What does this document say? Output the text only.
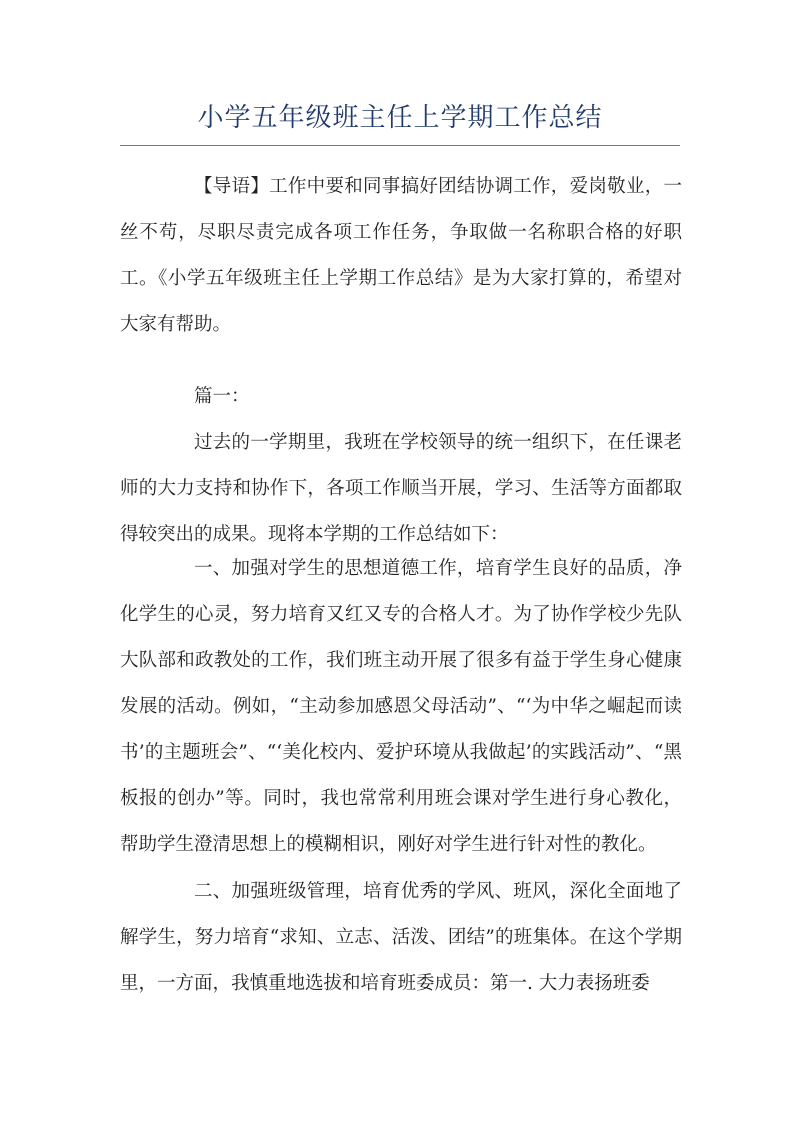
小学五年级班主任上学期工作总结

【导语】工作中要和同事搞好团结协调工作，爱岗敬业，一丝不苟，尽职尽责完成各项工作任务，争取做一名称职合格的好职工。《小学五年级班主任上学期工作总结》是为大家打算的，希望对大家有帮助。

篇一：

过去的一学期里，我班在学校领导的统一组织下，在任课老师的大力支持和协作下，各项工作顺当开展，学习、生活等方面都取得较突出的成果。现将本学期的工作总结如下：

一、加强对学生的思想道德工作，培育学生良好的品质，净化学生的心灵，努力培育又红又专的合格人才。为了协作学校少先队大队部和政教处的工作，我们班主动开展了很多有益于学生身心健康发展的活动。例如，“主动参加感恩父母活动”、“‘为中华之崛起而读书’的主题班会”、“‘美化校内、爱护环境从我做起’的实践活动”、“黑板报的创办”等。同时，我也常常利用班会课对学生进行身心教化，帮助学生澄清思想上的模糊相识，刚好对学生进行针对性的教化。

二、加强班级管理，培育优秀的学风、班风，深化全面地了解学生，努力培育“求知、立志、活泼、团结”的班集体。在这个学期里，一方面，我慎重地选拔和培育班委成员：第一. 大力表扬班委
